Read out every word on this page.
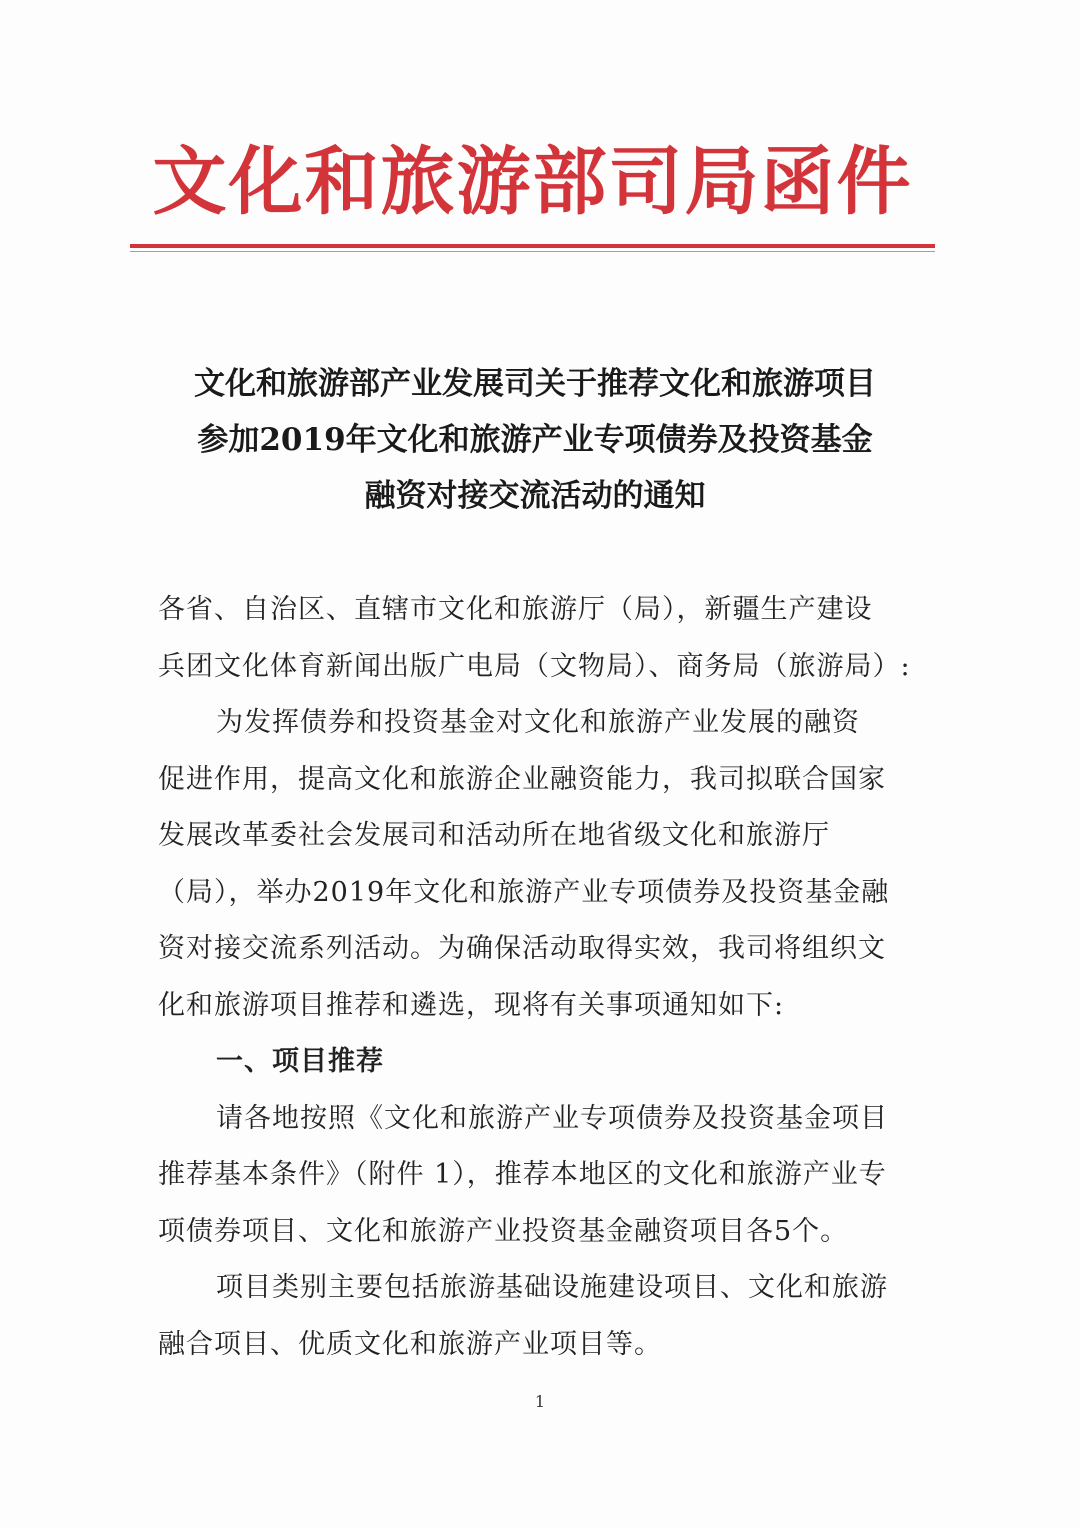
文化和旅游部司局函件
文化和旅游部产业发展司关于推荐文化和旅游项目
参加2019年文化和旅游产业专项债券及投资基金
融资对接交流活动的通知
各省、自治区、直辖市文化和旅游厅（局），新疆生产建设
兵团文化体育新闻出版广电局（文物局）、商务局（旅游局）:
为发挥债券和投资基金对文化和旅游产业发展的融资
促进作用，提高文化和旅游企业融资能力，我司拟联合国家
发展改革委社会发展司和活动所在地省级文化和旅游厅
（局），举办2019年文化和旅游产业专项债券及投资基金融
资对接交流系列活动。为确保活动取得实效，我司将组织文
化和旅游项目推荐和遴选，现将有关事项通知如下:
一、项目推荐
请各地按照《文化和旅游产业专项债券及投资基金项目
推荐基本条件》（附件 1），推荐本地区的文化和旅游产业专
项债券项目、文化和旅游产业投资基金融资项目各5个。
项目类别主要包括旅游基础设施建设项目、文化和旅游
融合项目、优质文化和旅游产业项目等。
1
